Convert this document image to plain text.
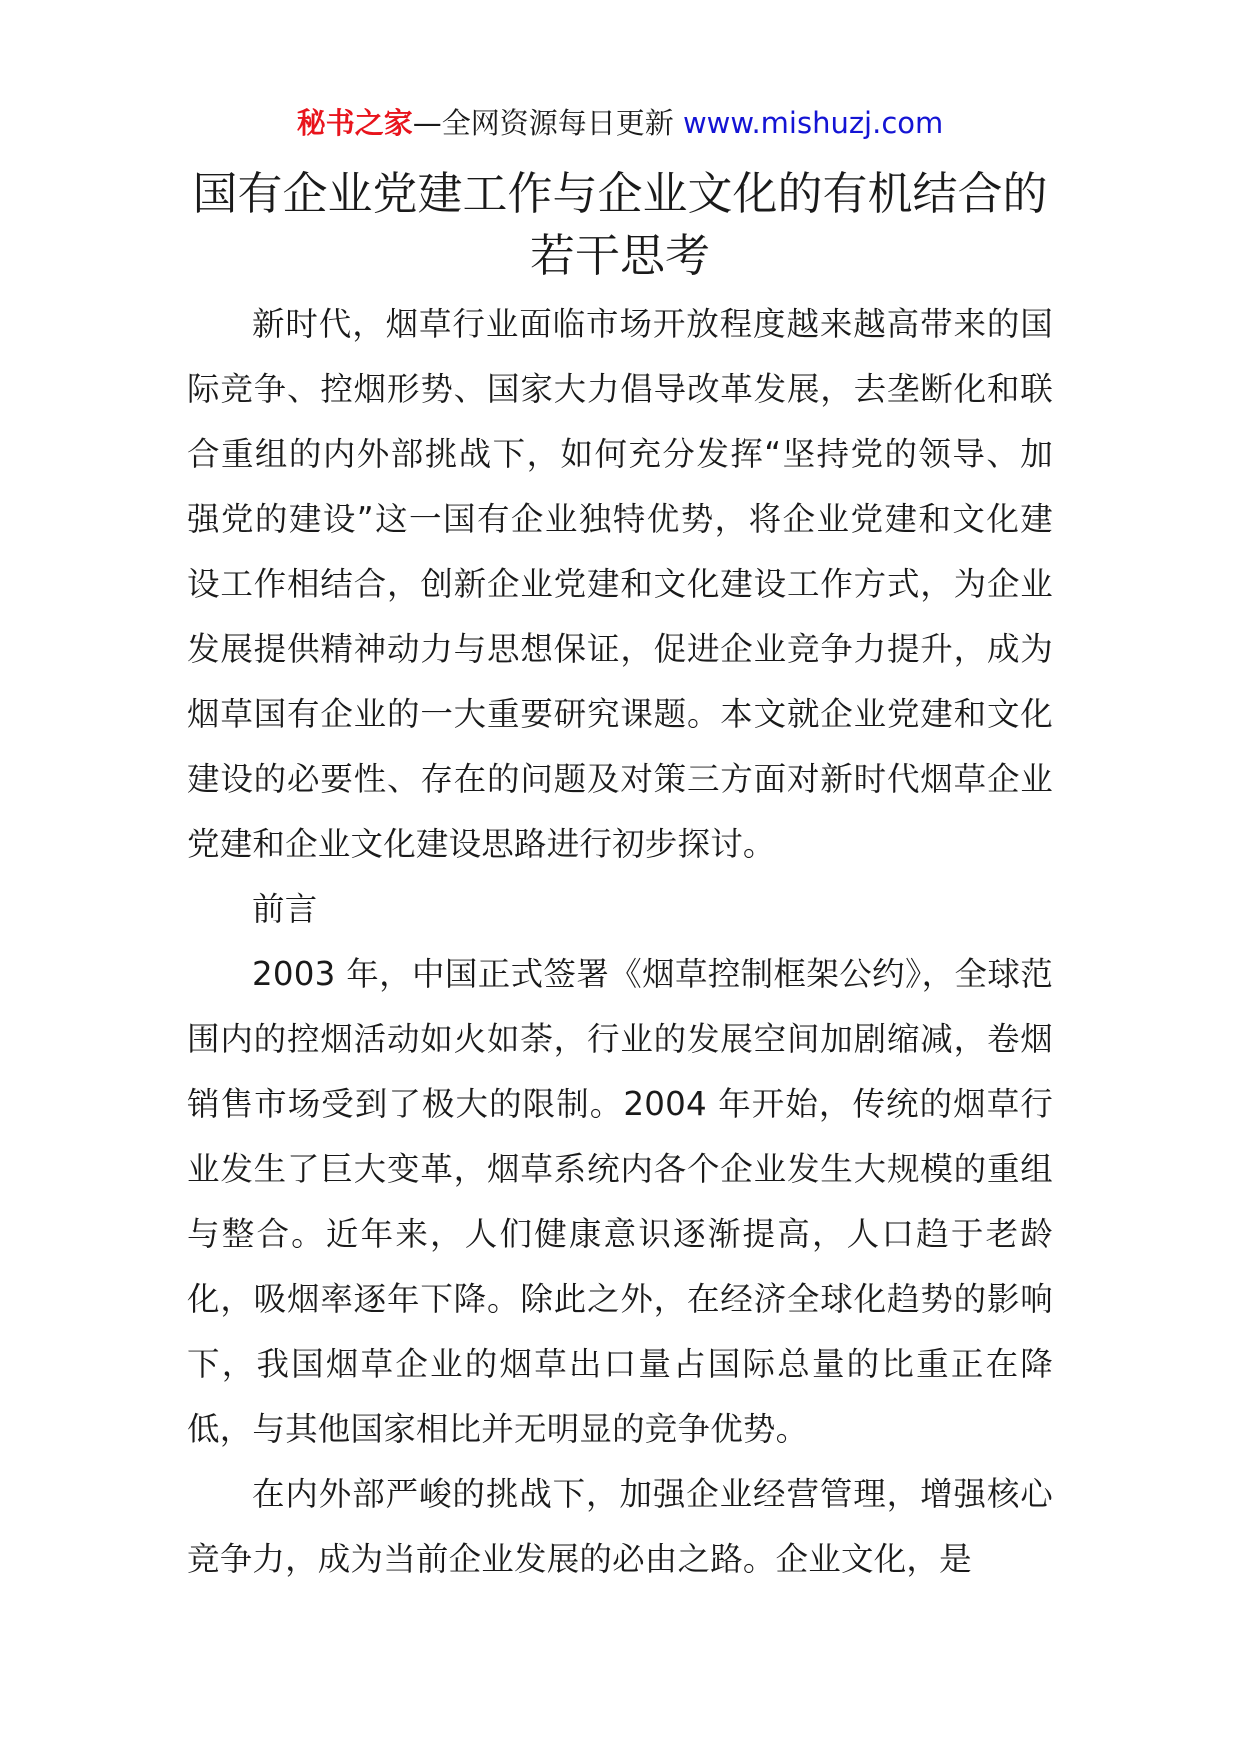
秘书之家—全网资源每日更新 www.mishuzj.com
国有企业党建工作与企业文化的有机结合的若干思考

新时代，烟草行业面临市场开放程度越来越高带来的国际竞争、控烟形势、国家大力倡导改革发展，去垄断化和联合重组的内外部挑战下，如何充分发挥“坚持党的领导、加强党的建设”这一国有企业独特优势，将企业党建和文化建设工作相结合，创新企业党建和文化建设工作方式，为企业发展提供精神动力与思想保证，促进企业竞争力提升，成为烟草国有企业的一大重要研究课题。本文就企业党建和文化建设的必要性、存在的问题及对策三方面对新时代烟草企业党建和企业文化建设思路进行初步探讨。

前言

2003 年，中国正式签署《烟草控制框架公约》，全球范围内的控烟活动如火如荼，行业的发展空间加剧缩减，卷烟销售市场受到了极大的限制。2004 年开始，传统的烟草行业发生了巨大变革，烟草系统内各个企业发生大规模的重组与整合。近年来，人们健康意识逐渐提高，人口趋于老龄化，吸烟率逐年下降。除此之外，在经济全球化趋势的影响下，我国烟草企业的烟草出口量占国际总量的比重正在降低，与其他国家相比并无明显的竞争优势。

在内外部严峻的挑战下，加强企业经营管理，增强核心竞争力，成为当前企业发展的必由之路。企业文化，是
